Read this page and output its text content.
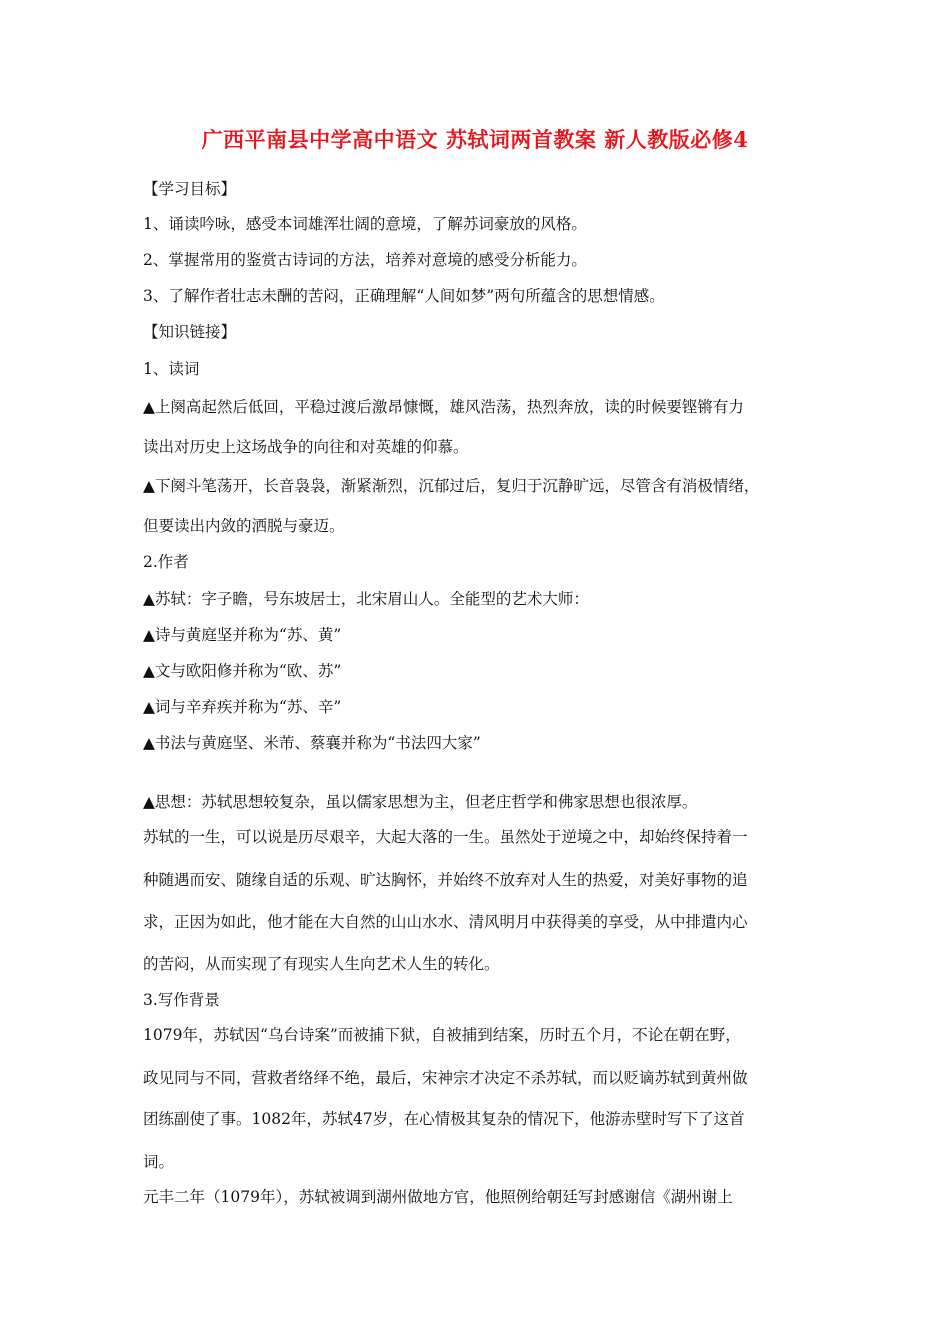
广西平南县中学高中语文 苏轼词两首教案 新人教版必修4
【学习目标】
1、诵读吟咏，感受本词雄浑壮阔的意境，了解苏词豪放的风格。
2、掌握常用的鉴赏古诗词的方法，培养对意境的感受分析能力。
3、了解作者壮志未酬的苦闷，正确理解“人间如梦”两句所蕴含的思想情感。
【知识链接】
1、读词
▲上阕高起然后低回，平稳过渡后激昂慷慨，雄风浩荡，热烈奔放，读的时候要铿锵有力
读出对历史上这场战争的向往和对英雄的仰慕。
▲下阕斗笔荡开，长音袅袅，渐紧渐烈，沉郁过后，复归于沉静旷远，尽管含有消极情绪，
但要读出内敛的洒脱与豪迈。
2.作者
▲苏轼：字子瞻，号东坡居士，北宋眉山人。全能型的艺术大师：
▲诗与黄庭坚并称为“苏、黄”
▲文与欧阳修并称为“欧、苏”
▲词与辛弃疾并称为“苏、辛”
▲书法与黄庭坚、米芾、蔡襄并称为“书法四大家”
▲思想：苏轼思想较复杂，虽以儒家思想为主，但老庄哲学和佛家思想也很浓厚。
苏轼的一生，可以说是历尽艰辛，大起大落的一生。虽然处于逆境之中，却始终保持着一
种随遇而安、随缘自适的乐观、旷达胸怀，并始终不放弃对人生的热爱，对美好事物的追
求，正因为如此，他才能在大自然的山山水水、清风明月中获得美的享受，从中排遣内心
的苦闷，从而实现了有现实人生向艺术人生的转化。
3.写作背景
1079年，苏轼因“乌台诗案”而被捕下狱，自被捕到结案，历时五个月，不论在朝在野，
政见同与不同，营救者络绎不绝，最后，宋神宗才决定不杀苏轼，而以贬谪苏轼到黄州做
团练副使了事。1082年，苏轼47岁，在心情极其复杂的情况下，他游赤壁时写下了这首
词。
元丰二年（1079年），苏轼被调到湖州做地方官，他照例给朝廷写封感谢信《湖州谢上
